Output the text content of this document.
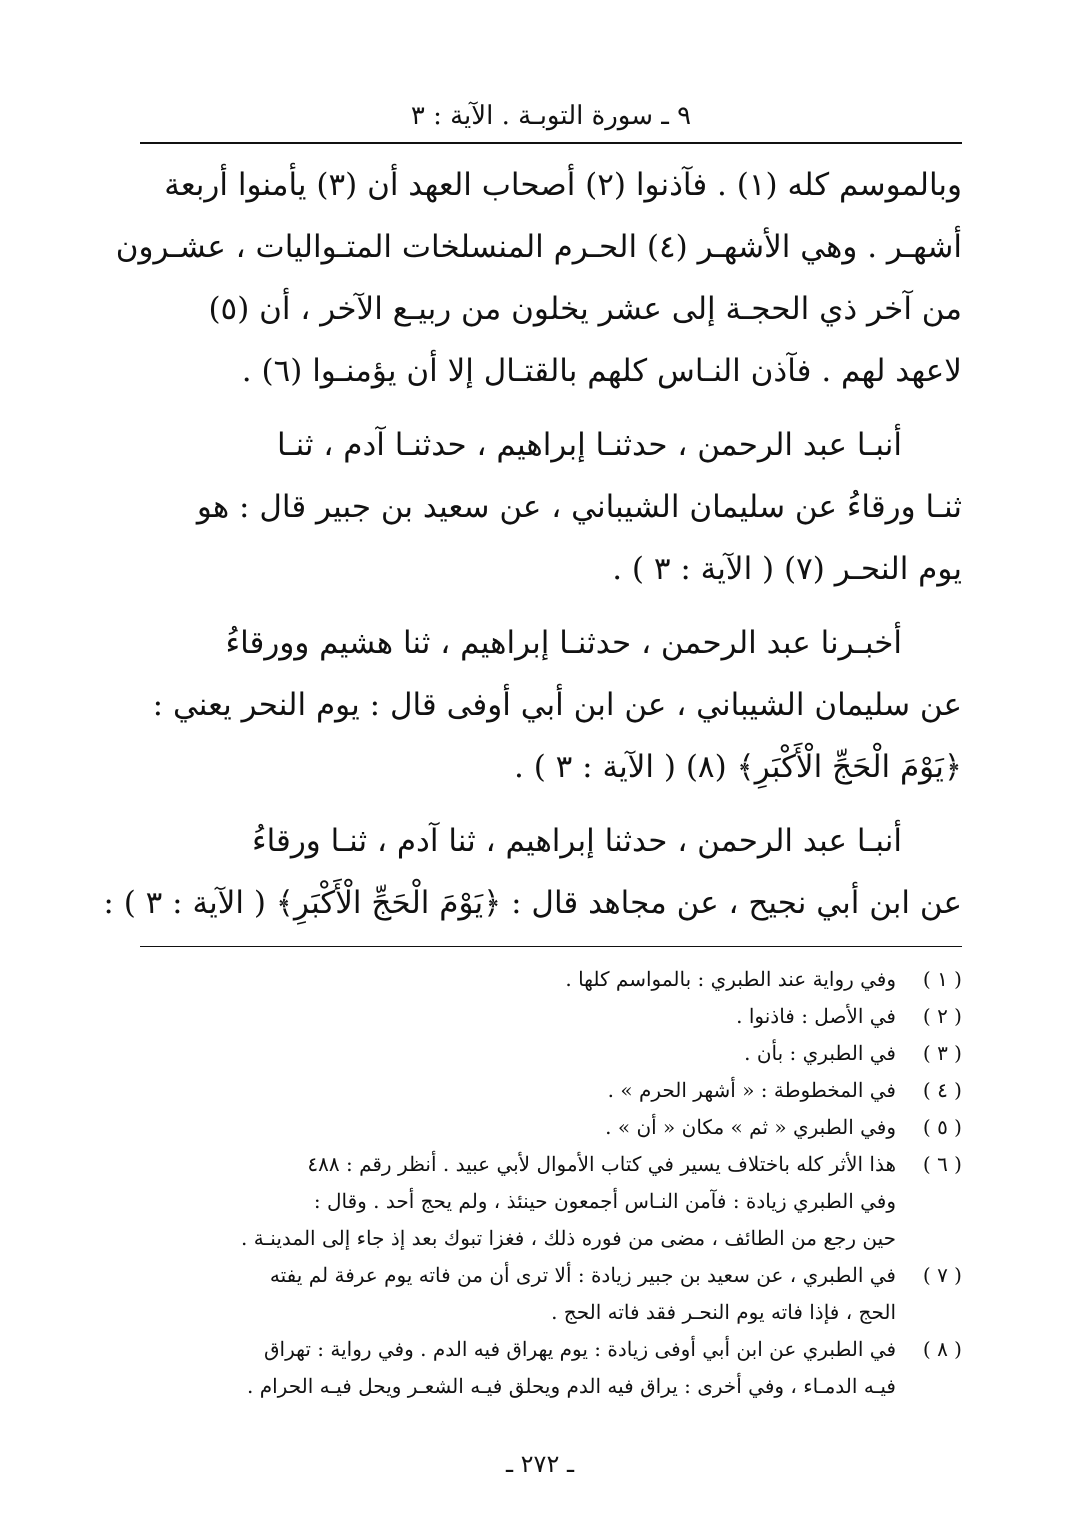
٩ ـ سورة التوبـة . الآية : ٣

وبالموسم كله (١) . فآذنوا (٢) أصحاب العهد أن (٣) يأمنوا أربعة
أشهـر . وهي الأشهـر (٤) الحـرم المنسلخات المتـواليات ، عشـرون
من آخر ذي الحجـة إلى عشر يخلون من ربيـع الآخر ، أن (٥)
لاعهد لهم . فآذن النـاس كلهم بالقتـال إلا أن يؤمنـوا (٦) .

أنبـا عبد الرحمن ، حدثنـا إبراهيم ، حدثنـا آدم ، ثنـا
ثنـا ورقاءُ عن سليمان الشيباني ، عن سعيد بن جبير قال : هو
يوم النحـر (٧) ( الآية : ٣ ) .

أخبـرنا عبد الرحمن ، حدثنـا إبراهيم ، ثنا هشيم وورقاءُ
عن سليمان الشيباني ، عن ابن أبي أوفى قال : يوم النحر يعني :
﴿يَوْمَ الْحَجِّ الْأَكْبَرِ﴾ (٨) ( الآية : ٣ ) .

أنبـا عبد الرحمن ، حدثنا إبراهيم ، ثنا آدم ، ثنـا ورقاءُ
عن ابن أبي نجيح ، عن مجاهد قال : ﴿يَوْمَ الْحَجِّ الْأَكْبَرِ﴾ ( الآية : ٣ ) :

( ١ )
وفي رواية عند الطبري : بالمواسم كلها .
( ٢ )
في الأصل : فاذنوا .
( ٣ )
في الطبري : بأن .
( ٤ )
في المخطوطة : « أشهر الحرم » .
( ٥ )
وفي الطبري « ثم » مكان « أن » .
( ٦ )
هذا الأثر كله باختلاف يسير في كتاب الأموال لأبي عبيد . أنظر رقم : ٤٨٨
وفي الطبري زيادة : فآمن النـاس أجمعون حينئذ ، ولم يحج أحد . وقال :
حين رجع من الطائف ، مضى من فوره ذلك ، فغزا تبوك بعد إذ جاء إلى المدينـة .
( ٧ )
في الطبري ، عن سعيد بن جبير زيادة : ألا ترى أن من فاته يوم عرفة لم يفته
الحج ، فإذا فاته يوم النحـر فقد فاته الحج .
( ٨ )
في الطبري عن ابن أبي أوفى زيادة : يوم يهراق فيه الدم . وفي رواية : تهراق
فيـه الدمـاء ، وفي أخرى : يراق فيه الدم ويحلق فيـه الشعـر ويحل فيـه الحرام .
ـ ٢٧٢ ـ
